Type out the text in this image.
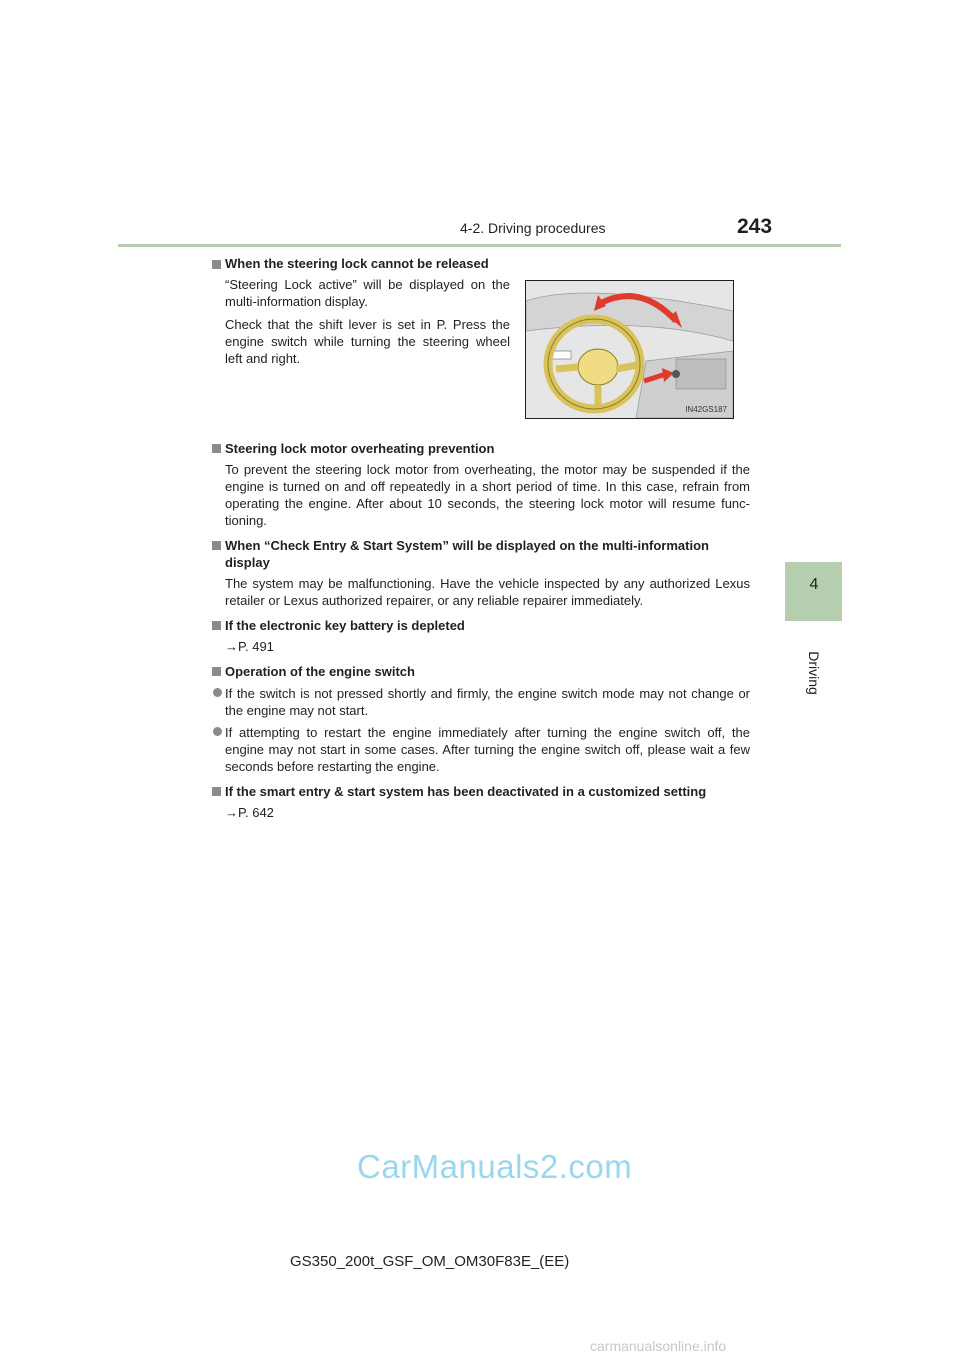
4-2. Driving procedures	243
4
Driving
When the steering lock cannot be released

“Steering Lock active” will be displayed on the multi-information display.

Check that the shift lever is set in P. Press the engine switch while turning the steering wheel left and right.

IN42GS187
Steering lock motor overheating prevention
To prevent the steering lock motor from overheating, the motor may be suspended if the engine is turned on and off repeatedly in a short period of time. In this case, refrain from operating the engine. After about 10 seconds, the steering lock motor will resume func-tioning.
When “Check Entry & Start System” will be displayed on the multi-information display
The system may be malfunctioning. Have the vehicle inspected by any authorized Lexus retailer or Lexus authorized repairer, or any reliable repairer immediately.
If the electronic key battery is depleted
→P. 491
Operation of the engine switch
If the switch is not pressed shortly and firmly, the engine switch mode may not change or the engine may not start.
If attempting to restart the engine immediately after turning the engine switch off, the engine may not start in some cases. After turning the engine switch off, please wait a few seconds before restarting the engine.
If the smart entry & start system has been deactivated in a customized setting
→P. 642
CarManuals2.com
GS350_200t_GSF_OM_OM30F83E_(EE)
carmanualsonline.info
